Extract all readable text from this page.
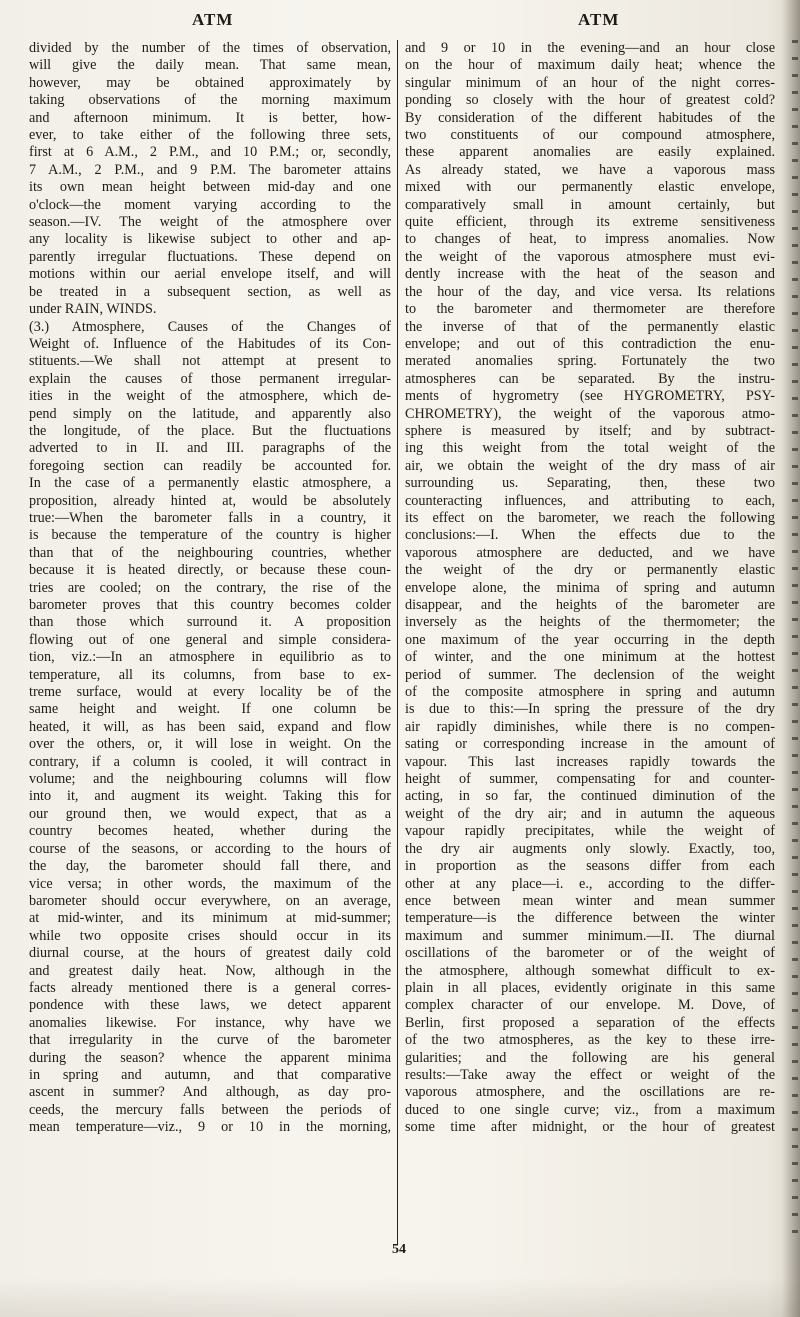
ATM	ATM
divided by the number of the times of observation,
will give the daily mean. That same mean,
however, may be obtained approximately by
taking observations of the morning maximum
and afternoon minimum. It is better, how-
ever, to take either of the following three sets,
first at 6 A.M., 2 P.M., and 10 P.M.; or, secondly,
7 A.M., 2 P.M., and 9 P.M. The barometer attains
its own mean height between mid-day and one
o'clock—the moment varying according to the
season.—IV. The weight of the atmosphere over
any locality is likewise subject to other and ap-
parently irregular fluctuations. These depend on
motions within our aerial envelope itself, and will
be treated in a subsequent section, as well as
under RAIN, WINDS.
(3.) Atmosphere, Causes of the Changes of
Weight of. Influence of the Habitudes of its Con-
stituents.—We shall not attempt at present to
explain the causes of those permanent irregular-
ities in the weight of the atmosphere, which de-
pend simply on the latitude, and apparently also
the longitude, of the place. But the fluctuations
adverted to in II. and III. paragraphs of the
foregoing section can readily be accounted for.
In the case of a permanently elastic atmosphere, a
proposition, already hinted at, would be absolutely
true:—When the barometer falls in a country, it
is because the temperature of the country is higher
than that of the neighbouring countries, whether
because it is heated directly, or because these coun-
tries are cooled; on the contrary, the rise of the
barometer proves that this country becomes colder
than those which surround it. A proposition
flowing out of one general and simple considera-
tion, viz.:—In an atmosphere in equilibrio as to
temperature, all its columns, from base to ex-
treme surface, would at every locality be of the
same height and weight. If one column be
heated, it will, as has been said, expand and flow
over the others, or, it will lose in weight. On the
contrary, if a column is cooled, it will contract in
volume; and the neighbouring columns will flow
into it, and augment its weight. Taking this for
our ground then, we would expect, that as a
country becomes heated, whether during the
course of the seasons, or according to the hours of
the day, the barometer should fall there, and
vice versa; in other words, the maximum of the
barometer should occur everywhere, on an average,
at mid-winter, and its minimum at mid-summer;
while two opposite crises should occur in its
diurnal course, at the hours of greatest daily cold
and greatest daily heat. Now, although in the
facts already mentioned there is a general corres-
pondence with these laws, we detect apparent
anomalies likewise. For instance, why have we
that irregularity in the curve of the barometer
during the season? whence the apparent minima
in spring and autumn, and that comparative
ascent in summer? And although, as day pro-
ceeds, the mercury falls between the periods of
mean temperature—viz., 9 or 10 in the morning,
and 9 or 10 in the evening—and an hour close
on the hour of maximum daily heat; whence the
singular minimum of an hour of the night corres-
ponding so closely with the hour of greatest cold?
By consideration of the different habitudes of the
two constituents of our compound atmosphere,
these apparent anomalies are easily explained.
As already stated, we have a vaporous mass
mixed with our permanently elastic envelope,
comparatively small in amount certainly, but
quite efficient, through its extreme sensitiveness
to changes of heat, to impress anomalies. Now
the weight of the vaporous atmosphere must evi-
dently increase with the heat of the season and
the hour of the day, and vice versa. Its relations
to the barometer and thermometer are therefore
the inverse of that of the permanently elastic
envelope; and out of this contradiction the enu-
merated anomalies spring. Fortunately the two
atmospheres can be separated. By the instru-
ments of hygrometry (see HYGROMETRY, PSY-
CHROMETRY), the weight of the vaporous atmo-
sphere is measured by itself; and by subtract-
ing this weight from the total weight of the
air, we obtain the weight of the dry mass of air
surrounding us. Separating, then, these two
counteracting influences, and attributing to each,
its effect on the barometer, we reach the following
conclusions:—I. When the effects due to the
vaporous atmosphere are deducted, and we have
the weight of the dry or permanently elastic
envelope alone, the minima of spring and autumn
disappear, and the heights of the barometer are
inversely as the heights of the thermometer; the
one maximum of the year occurring in the depth
of winter, and the one minimum at the hottest
period of summer. The declension of the weight
of the composite atmosphere in spring and autumn
is due to this:—In spring the pressure of the dry
air rapidly diminishes, while there is no compen-
sating or corresponding increase in the amount of
vapour. This last increases rapidly towards the
height of summer, compensating for and counter-
acting, in so far, the continued diminution of the
weight of the dry air; and in autumn the aqueous
vapour rapidly precipitates, while the weight of
the dry air augments only slowly. Exactly, too,
in proportion as the seasons differ from each
other at any place—i. e., according to the differ-
ence between mean winter and mean summer
temperature—is the difference between the winter
maximum and summer minimum.—II. The diurnal
oscillations of the barometer or of the weight of
the atmosphere, although somewhat difficult to ex-
plain in all places, evidently originate in this same
complex character of our envelope. M. Dove, of
Berlin, first proposed a separation of the effects
of the two atmospheres, as the key to these irre-
gularities; and the following are his general
results:—Take away the effect or weight of the
vaporous atmosphere, and the oscillations are re-
duced to one single curve; viz., from a maximum
some time after midnight, or the hour of greatest
54
